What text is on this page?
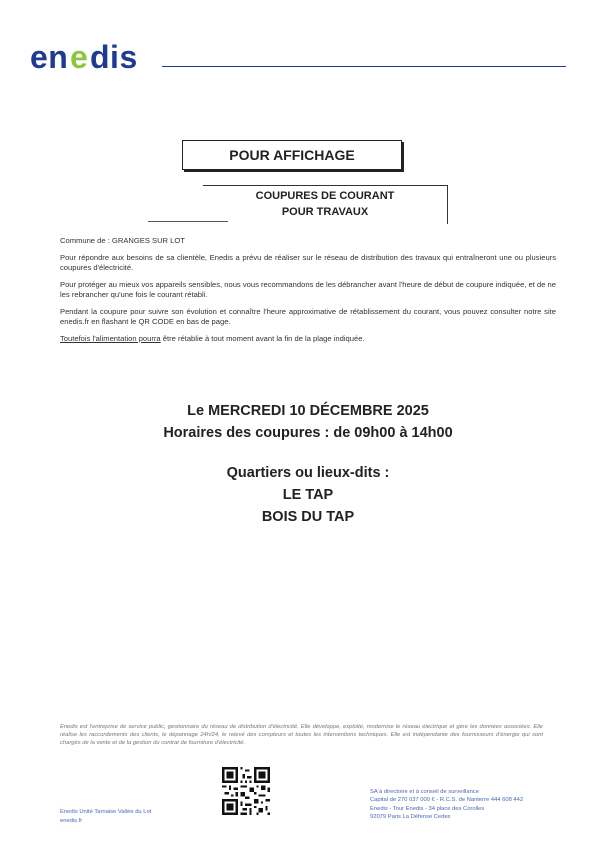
en e dis
POUR AFFICHAGE
COUPURES DE COURANT
POUR TRAVAUX

Commune de : GRANGES SUR LOT

Pour répondre aux besoins de sa clientèle, Enedis a prévu de réaliser sur le réseau de distribution des travaux qui entraîneront une ou plusieurs coupures d'électricité.

Pour protéger au mieux vos appareils sensibles, nous vous recommandons de les débrancher avant l'heure de début de coupure indiquée, et de ne les rebrancher qu'une fois le courant rétabli.

Pendant la coupure pour suivre son évolution et connaître l'heure approximative de rétablissement du courant, vous pouvez consulter notre site enedis.fr en flashant le QR CODE en bas de page.

Toutefois l'alimentation pourra être rétablie à tout moment avant la fin de la plage indiquée.

Le MERCREDI 10 DÉCEMBRE 2025
Horaires des coupures : de 09h00 à 14h00
Quartiers ou lieux-dits :
LE TAP
BOIS DU TAP
Enedis est l'entreprise de service public, gestionnaire du réseau de distribution d'électricité. Elle développe, exploite, modernise le réseau électrique et gère les données associées. Elle réalise les raccordements des clients, le dépannage 24h/24, le relevé des compteurs et toutes les interventions techniques. Elle est indépendante des fournisseurs d'énergie qui sont chargés de la vente et de la gestion du contrat de fourniture d'électricité.
Enedis Unité Tarnaise Vallée du Lot
enedis.fr
SA à directoire et à conseil de surveillance
Capital de 270 037 000 € - R.C.S. de Nanterre 444 608 442
Enedis - Tour Enedis - 34 place des Corolles
92079 Paris La Défense Cedex
